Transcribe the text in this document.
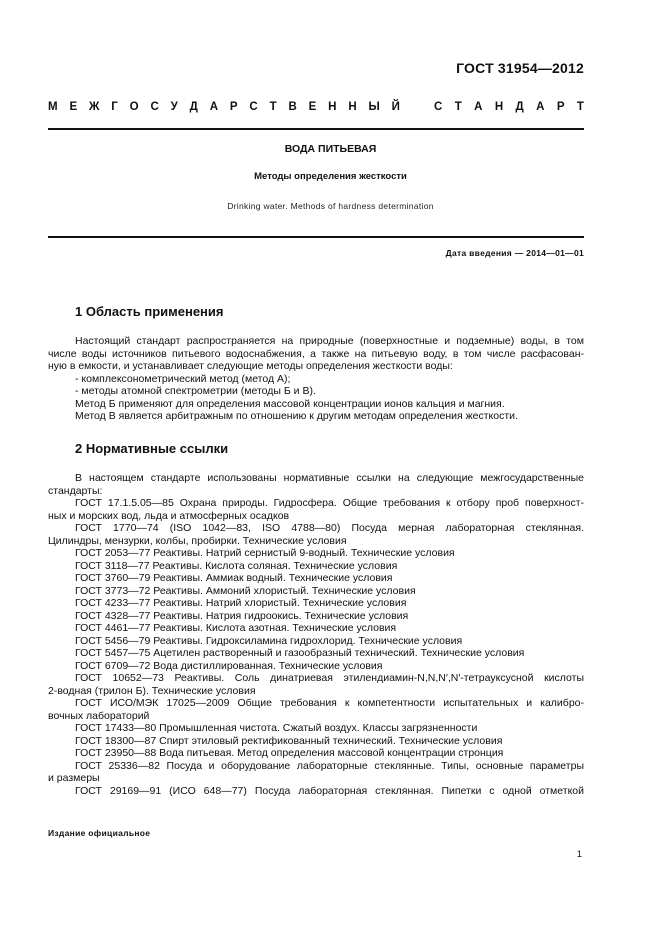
ГОСТ 31954—2012
М Е Ж Г О С У Д А Р С Т В Е Н Н Ы Й	С Т А Н Д А Р Т
ВОДА ПИТЬЕВАЯ
Методы определения жесткости
Drinking water. Methods of hardness determination
Дата введения — 2014—01—01
1 Область применения
Настоящий стандарт распространяется на природные (поверхностные и подземные) воды, в том
числе воды источников питьевого водоснабжения, а также на питьевую воду, в том числе расфасован-
ную в емкости, и устанавливает следующие методы определения жесткости воды:
- комплексонометрический метод (метод А);
- методы атомной спектрометрии (методы Б и В).
Метод Б применяют для определения массовой концентрации ионов кальция и магния.
Метод В является арбитражным по отношению к другим методам определения жесткости.
2 Нормативные ссылки
В настоящем стандарте использованы нормативные ссылки на следующие межгосударственные
стандарты:
ГОСТ 17.1.5.05—85 Охрана природы. Гидросфера. Общие требования к отбору проб поверхност-
ных и морских вод, льда и атмосферных осадков
ГОСТ 1770—74 (ISO 1042—83, ISO 4788—80) Посуда мерная лабораторная стеклянная.
Цилиндры, мензурки, колбы, пробирки. Технические условия
ГОСТ 2053—77 Реактивы. Натрий сернистый 9-водный. Технические условия
ГОСТ 3118—77 Реактивы. Кислота соляная. Технические условия
ГОСТ 3760—79 Реактивы. Аммиак водный. Технические условия
ГОСТ 3773—72 Реактивы. Аммоний хлористый. Технические условия
ГОСТ 4233—77 Реактивы. Натрий хлористый. Технические условия
ГОСТ 4328—77 Реактивы. Натрия гидроокись. Технические условия
ГОСТ 4461—77 Реактивы. Кислота азотная. Технические условия
ГОСТ 5456—79 Реактивы. Гидроксиламина гидрохлорид. Технические условия
ГОСТ 5457—75 Ацетилен растворенный и газообразный технический. Технические условия
ГОСТ 6709—72 Вода дистиллированная. Технические условия
ГОСТ 10652—73 Реактивы. Соль динатриевая этилендиамин-N,N,N′,N′-тетрауксусной кислоты
2-водная (трилон Б). Технические условия
ГОСТ ИСО/МЭК 17025—2009 Общие требования к компетентности испытательных и калибро-
вочных лабораторий
ГОСТ 17433—80 Промышленная чистота. Сжатый воздух. Классы загрязненности
ГОСТ 18300—87 Спирт этиловый ректификованный технический. Технические условия
ГОСТ 23950—88 Вода питьевая. Метод определения массовой концентрации стронция
ГОСТ 25336—82 Посуда и оборудование лабораторные стеклянные. Типы, основные параметры
и размеры
ГОСТ 29169—91 (ИСО 648—77) Посуда лабораторная стеклянная. Пипетки с одной отметкой
Издание официальное
1
